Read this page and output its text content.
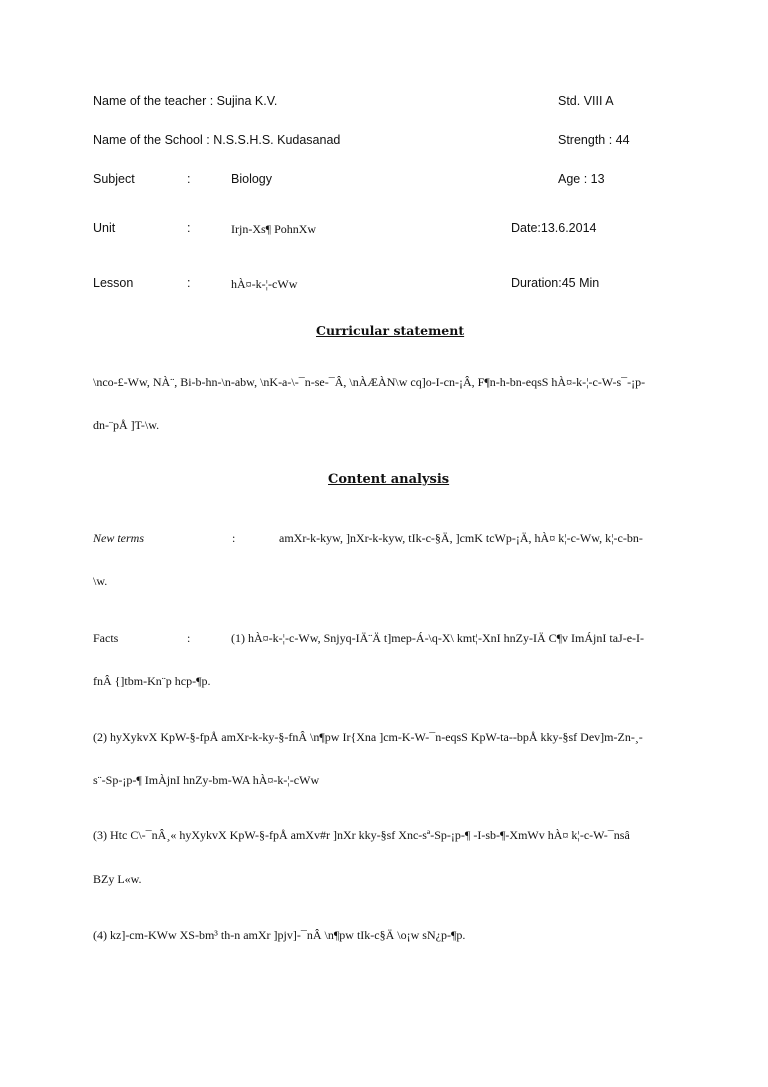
Name of the teacher : Sujina K.V.	Std. VIII A
Name of the School : N.S.S.H.S. Kudasanad	Strength : 44
Subject	:	Biology	Age : 13
Unit	:	Irjn-Xs¶ PohnXw	Date:13.6.2014
Lesson	:	hÀ¤-k-¦-cWw	Duration:45 Min
Curricular statement
\nco-£-Ww, NÀ¨, Bi-b-hn-\n-abw, \nK-a-\-¯n-se-¯Â, \nÀÆÀN\w cq]o-I-cn-¡Â, F¶n-h-bn-eqsS hÀ¤-k-¦-c-W-s¯-¡p-
dn-¨pÅ ]T-\w.
Content analysis
New terms	:	amXr-k-kyw, ]nXr-k-kyw, tIk-c-§Ä, ]cmK tcWp-¡Ä, hÀ¤ k¦-c-Ww, k¦-c-bn-
\w.
Facts	:	(1) hÀ¤-k-¦-c-Ww, Snjyq-IÄ¨Ä t]mep-Á-\q-X\ kmt¦-XnI hnZy-IÄ C¶v ImÁjnI taJ-e-I-
fnÂ {]tbm-Kn¨p hcp-¶p.
(2) hyXykvX KpW-§-fpÅ amXr-k-ky-§-fnÂ \n¶pw Ir{Xna ]cm-K-W-¯n-eqsS KpW-ta--bpÅ kky-§sf Dev]m-Zn-¸-
s¨-Sp-¡p-¶ ImÀjnI hnZy-bm-WA hÀ¤-k-¦-cWw
(3) Htc C\-¯nÂ¸« hyXykvX KpW-§-fpÅ amXv#r ]nXr kky-§sf Xnc-sª-Sp-¡p-¶ -I-sb-¶-XmWv hÀ¤ k¦-c-W-¯nsâ
BZy L«w.
(4) kz]-cm-KWw XS-bm³ th-n amXr ]pjv]-¯nÂ \n¶pw tIk-c§Ä \o¡w sN¿p-¶p.
